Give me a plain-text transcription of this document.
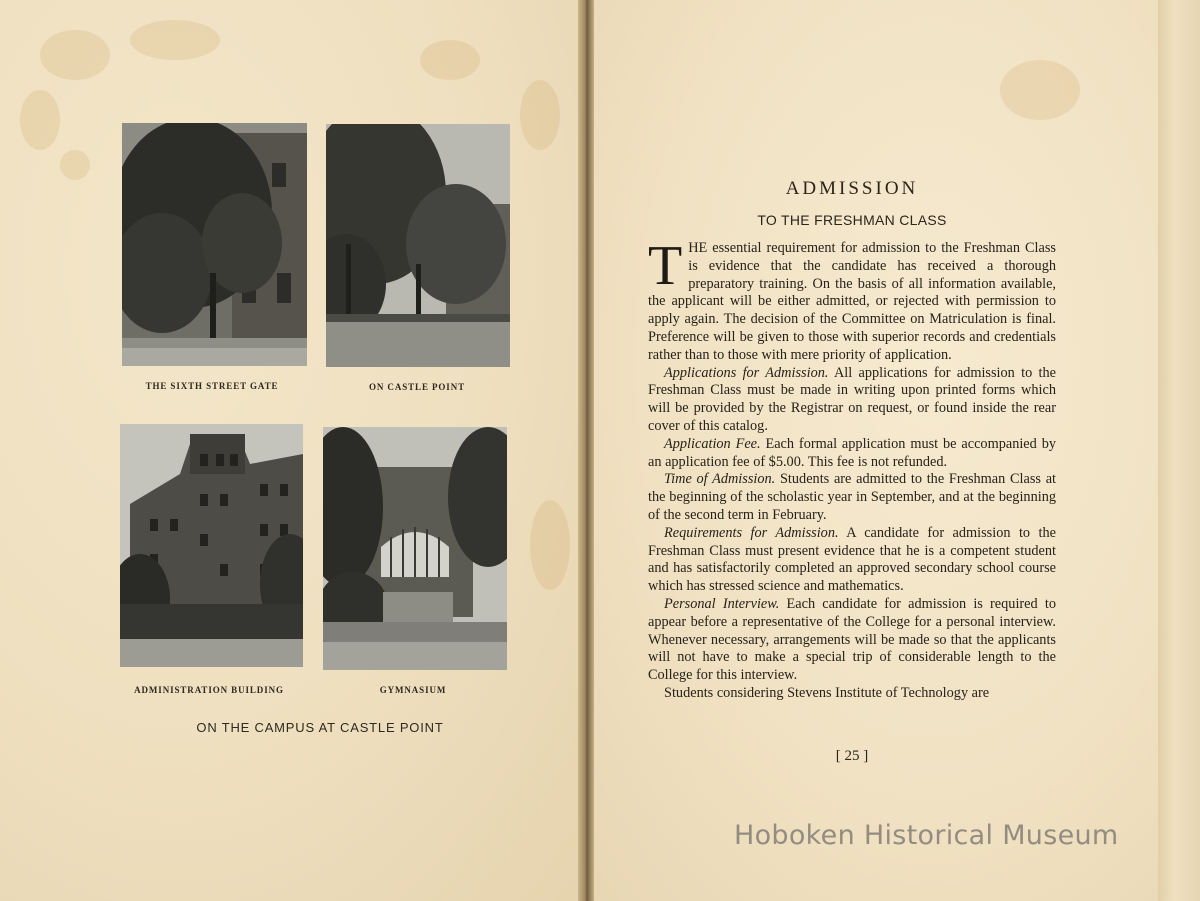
THE SIXTH STREET GATE	ON CASTLE POINT
ADMINISTRATION BUILDING	GYMNASIUM
ON THE CAMPUS AT CASTLE POINT
ADMISSION
TO THE FRESHMAN CLASS

THE essential requirement for admission to the Freshman Class is evidence that the candidate has received a thorough preparatory training. On the basis of all information available, the applicant will be either admitted, or rejected with permission to apply again. The decision of the Committee on Matriculation is final. Preference will be given to those with superior records and credentials rather than to those with mere priority of application.

Applications for Admission. All applications for admission to the Freshman Class must be made in writing upon printed forms which will be provided by the Registrar on request, or found inside the rear cover of this catalog.

Application Fee. Each formal application must be accompanied by an application fee of $5.00. This fee is not refunded.

Time of Admission. Students are admitted to the Freshman Class at the beginning of the scholastic year in September, and at the beginning of the second term in February.

Requirements for Admission. A candidate for admission to the Freshman Class must present evidence that he is a competent student and has satisfactorily completed an approved secondary school course which has stressed science and mathematics.

Personal Interview. Each candidate for admission is required to appear before a representative of the College for a personal interview. Whenever necessary, arrangements will be made so that the applicants will not have to make a special trip of considerable length to the College for this interview.

Students considering Stevens Institute of Technology are

[ 25 ]
Hoboken Historical Museum
